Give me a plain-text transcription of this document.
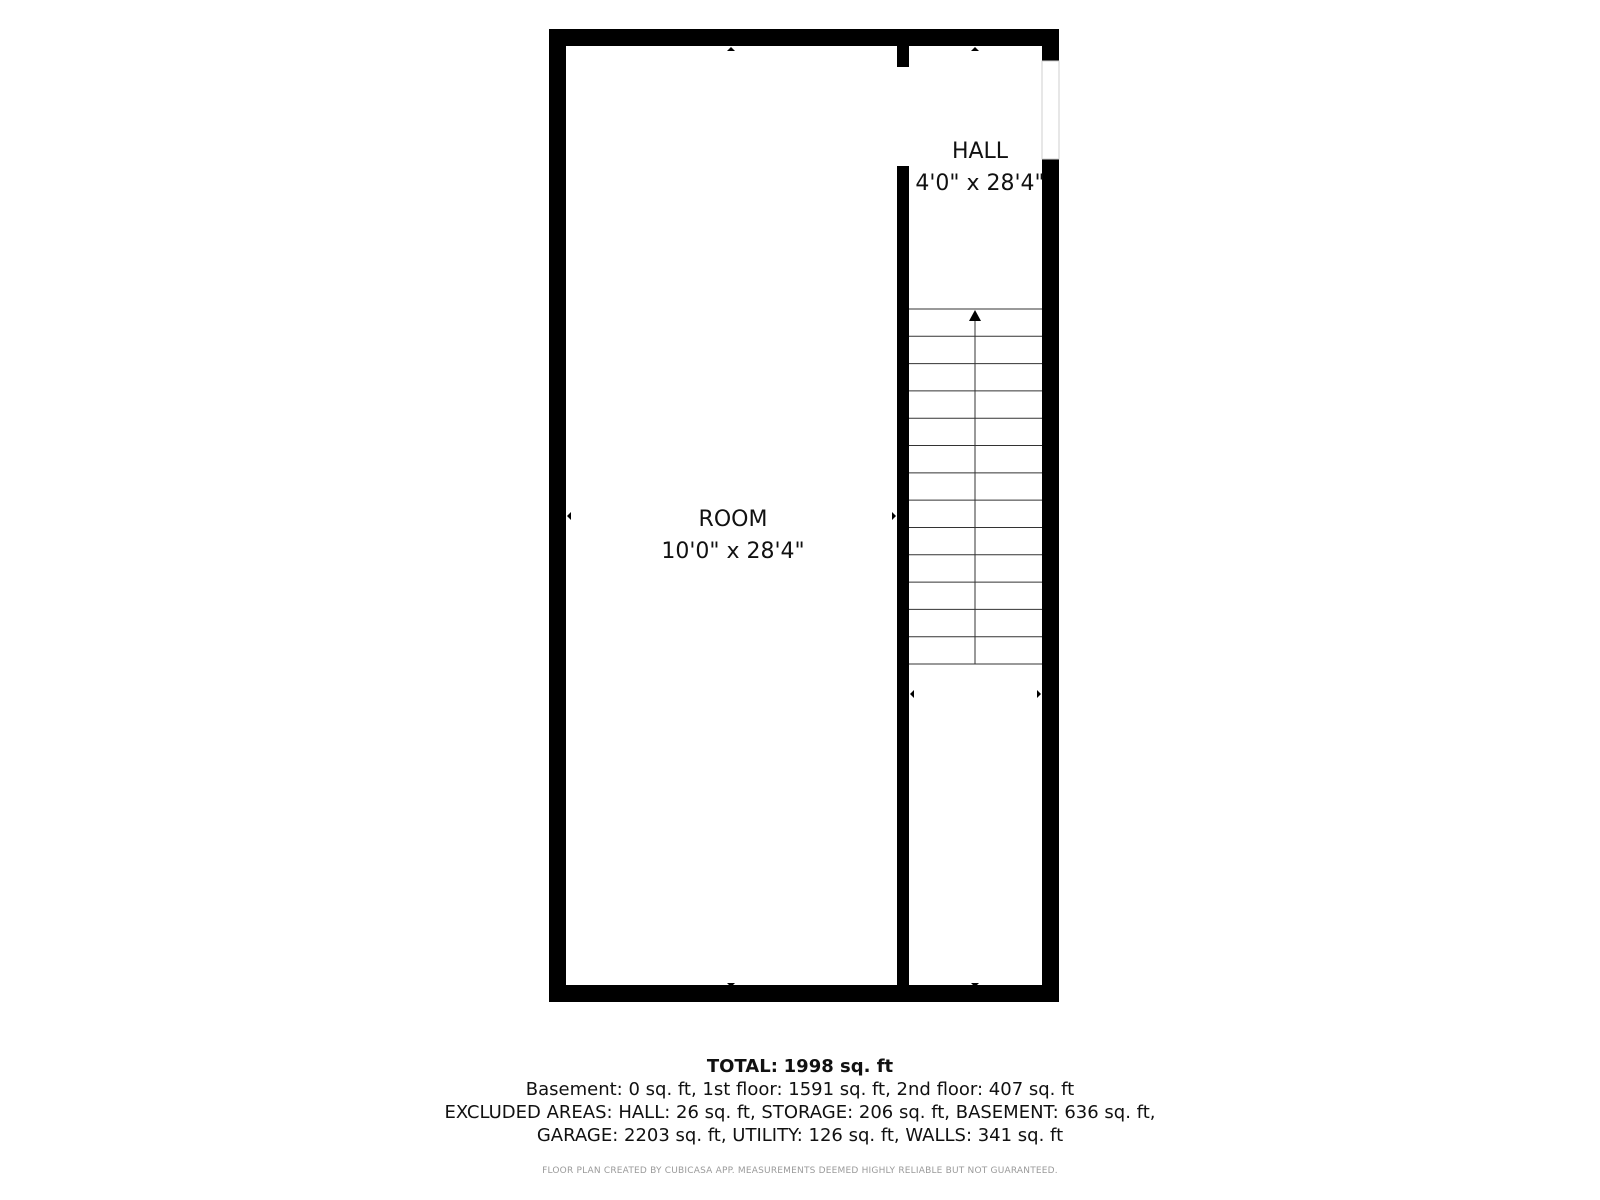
ROOM
10'0" x 28'4"
HALL
4'0" x 28'4"
TOTAL: 1998 sq. ft
Basement: 0 sq. ft, 1st floor: 1591 sq. ft, 2nd floor: 407 sq. ft
EXCLUDED AREAS: HALL: 26 sq. ft, STORAGE: 206 sq. ft, BASEMENT: 636 sq. ft,
GARAGE: 2203 sq. ft, UTILITY: 126 sq. ft, WALLS: 341 sq. ft
FLOOR PLAN CREATED BY CUBICASA APP. MEASUREMENTS DEEMED HIGHLY RELIABLE BUT NOT GUARANTEED.
